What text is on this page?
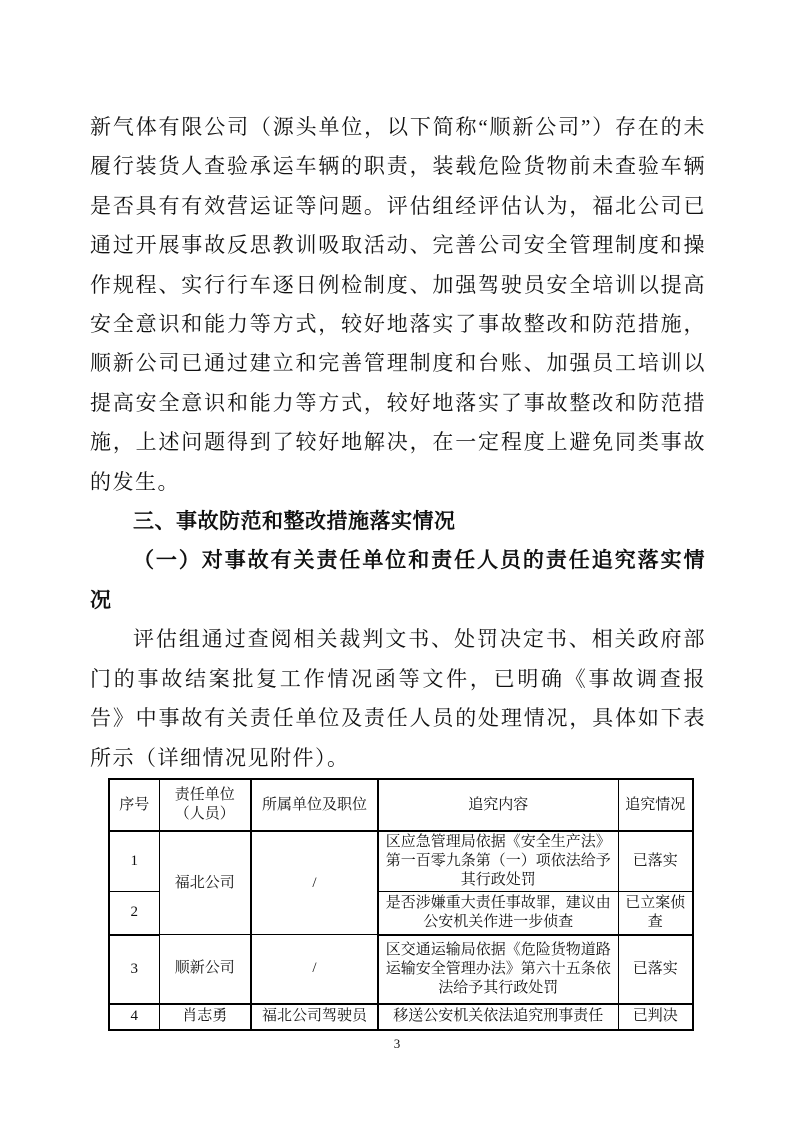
新气体有限公司（源头单位，以下简称“顺新公司”）存在的未履行装货人查验承运车辆的职责，装载危险货物前未查验车辆是否具有有效营运证等问题。评估组经评估认为，福北公司已通过开展事故反思教训吸取活动、完善公司安全管理制度和操作规程、实行行车逐日例检制度、加强驾驶员安全培训以提高安全意识和能力等方式，较好地落实了事故整改和防范措施，顺新公司已通过建立和完善管理制度和台账、加强员工培训以提高安全意识和能力等方式，较好地落实了事故整改和防范措施，上述问题得到了较好地解决，在一定程度上避免同类事故的发生。

三、事故防范和整改措施落实情况

（一）对事故有关责任单位和责任人员的责任追究落实情况

评估组通过查阅相关裁判文书、处罚决定书、相关政府部门的事故结案批复工作情况函等文件，已明确《事故调查报告》中事故有关责任单位及责任人员的处理情况，具体如下表所示（详细情况见附件）。

序号	责任单位（人员）	所属单位及职位	追究内容	追究情况
1	福北公司	/	区应急管理局依据《安全生产法》第一百零九条第（一）项依法给予其行政处罚	已落实
2			是否涉嫌重大责任事故罪，建议由公安机关作进一步侦查	已立案侦查
3	顺新公司	/	区交通运输局依据《危险货物道路运输安全管理办法》第六十五条依法给予其行政处罚	已落实
4	肖志勇	福北公司驾驶员	移送公安机关依法追究刑事责任	已判决
3
